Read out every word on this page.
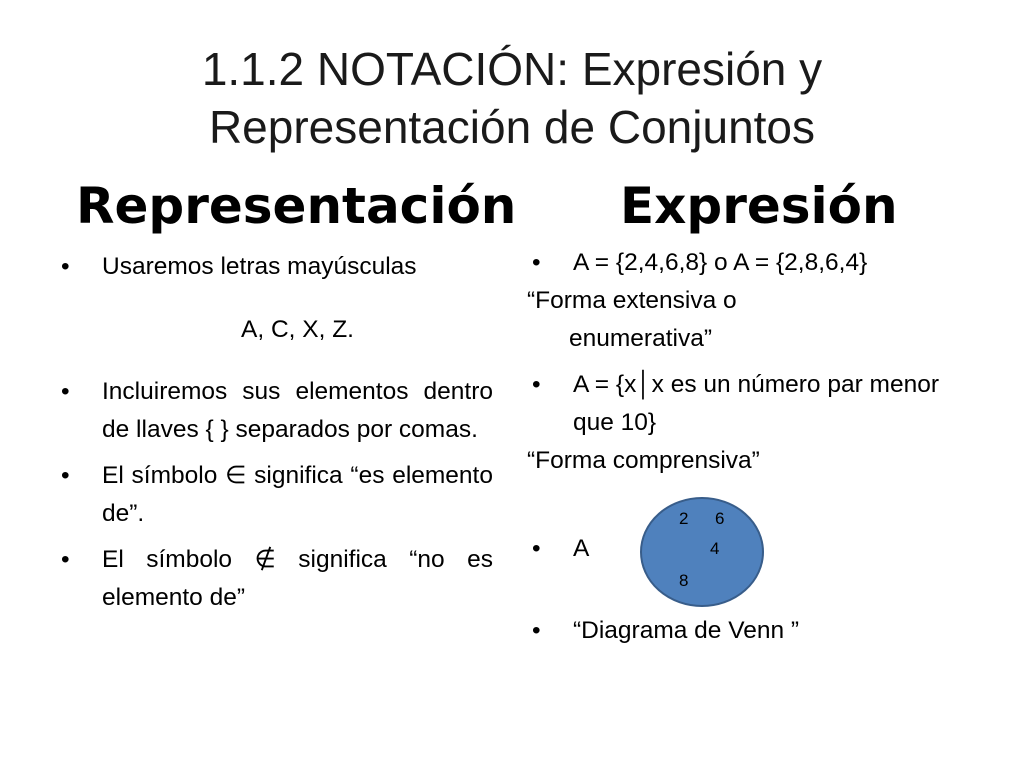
1.1.2 NOTACIÓN: Expresión y
Representación de Conjuntos
Representación Expresión

• Usaremos letras mayúsculas

A, C, X, Z.

• Incluiremos sus elementos dentro de llaves { } separados por comas.

• El símbolo ∈ significa “es elemento de”.

• El símbolo ∉ significa “no es elemento de”

• A = {2,4,6,8} o A = {2,8,6,4}

“Forma extensiva o

enumerativa”

• A = {x│x es un número par menor que 10}

“Forma comprensiva”

• A

2 6
4
8

• “Diagrama de Venn ”
